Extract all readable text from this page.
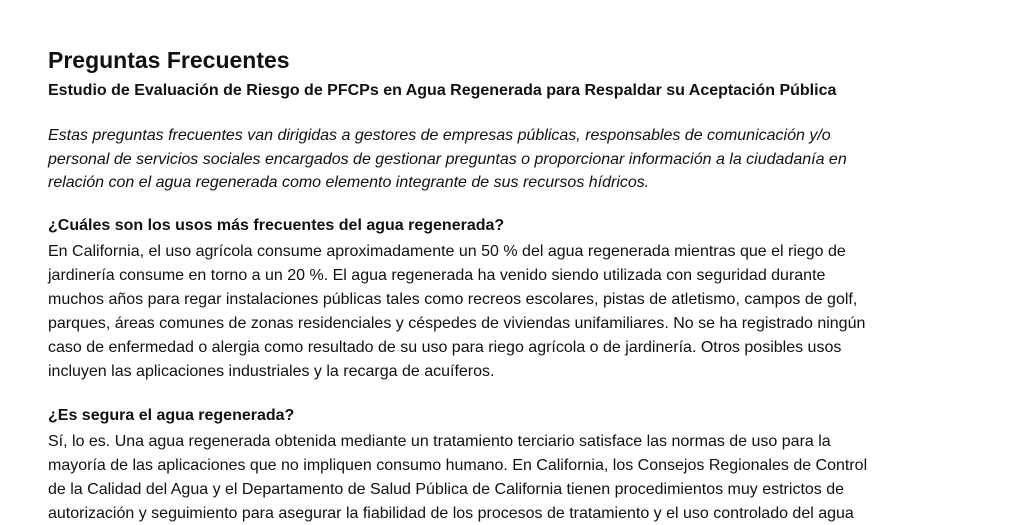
Preguntas Frecuentes
Estudio de Evaluación de Riesgo de PFCPs en Agua Regenerada para Respaldar su Aceptación Pública

Estas preguntas frecuentes van dirigidas a gestores de empresas públicas, responsables de comunicación y/o
personal de servicios sociales encargados de gestionar preguntas o proporcionar información a la ciudadanía en
relación con el agua regenerada como elemento integrante de sus recursos hídricos.

¿Cuáles son los usos más frecuentes del agua regenerada?

En California, el uso agrícola consume aproximadamente un 50 % del agua regenerada mientras que el riego de
jardinería consume en torno a un 20 %. El agua regenerada ha venido siendo utilizada con seguridad durante
muchos años para regar instalaciones públicas tales como recreos escolares, pistas de atletismo, campos de golf,
parques, áreas comunes de zonas residenciales y céspedes de viviendas unifamiliares. No se ha registrado ningún
caso de enfermedad o alergia como resultado de su uso para riego agrícola o de jardinería. Otros posibles usos
incluyen las aplicaciones industriales y la recarga de acuíferos.

¿Es segura el agua regenerada?

Sí, lo es. Una agua regenerada obtenida mediante un tratamiento terciario satisface las normas de uso para la
mayoría de las aplicaciones que no impliquen consumo humano. En California, los Consejos Regionales de Control
de la Calidad del Agua y el Departamento de Salud Pública de California tienen procedimientos muy estrictos de
autorización y seguimiento para asegurar la fiabilidad de los procesos de tratamiento y el uso controlado del agua
